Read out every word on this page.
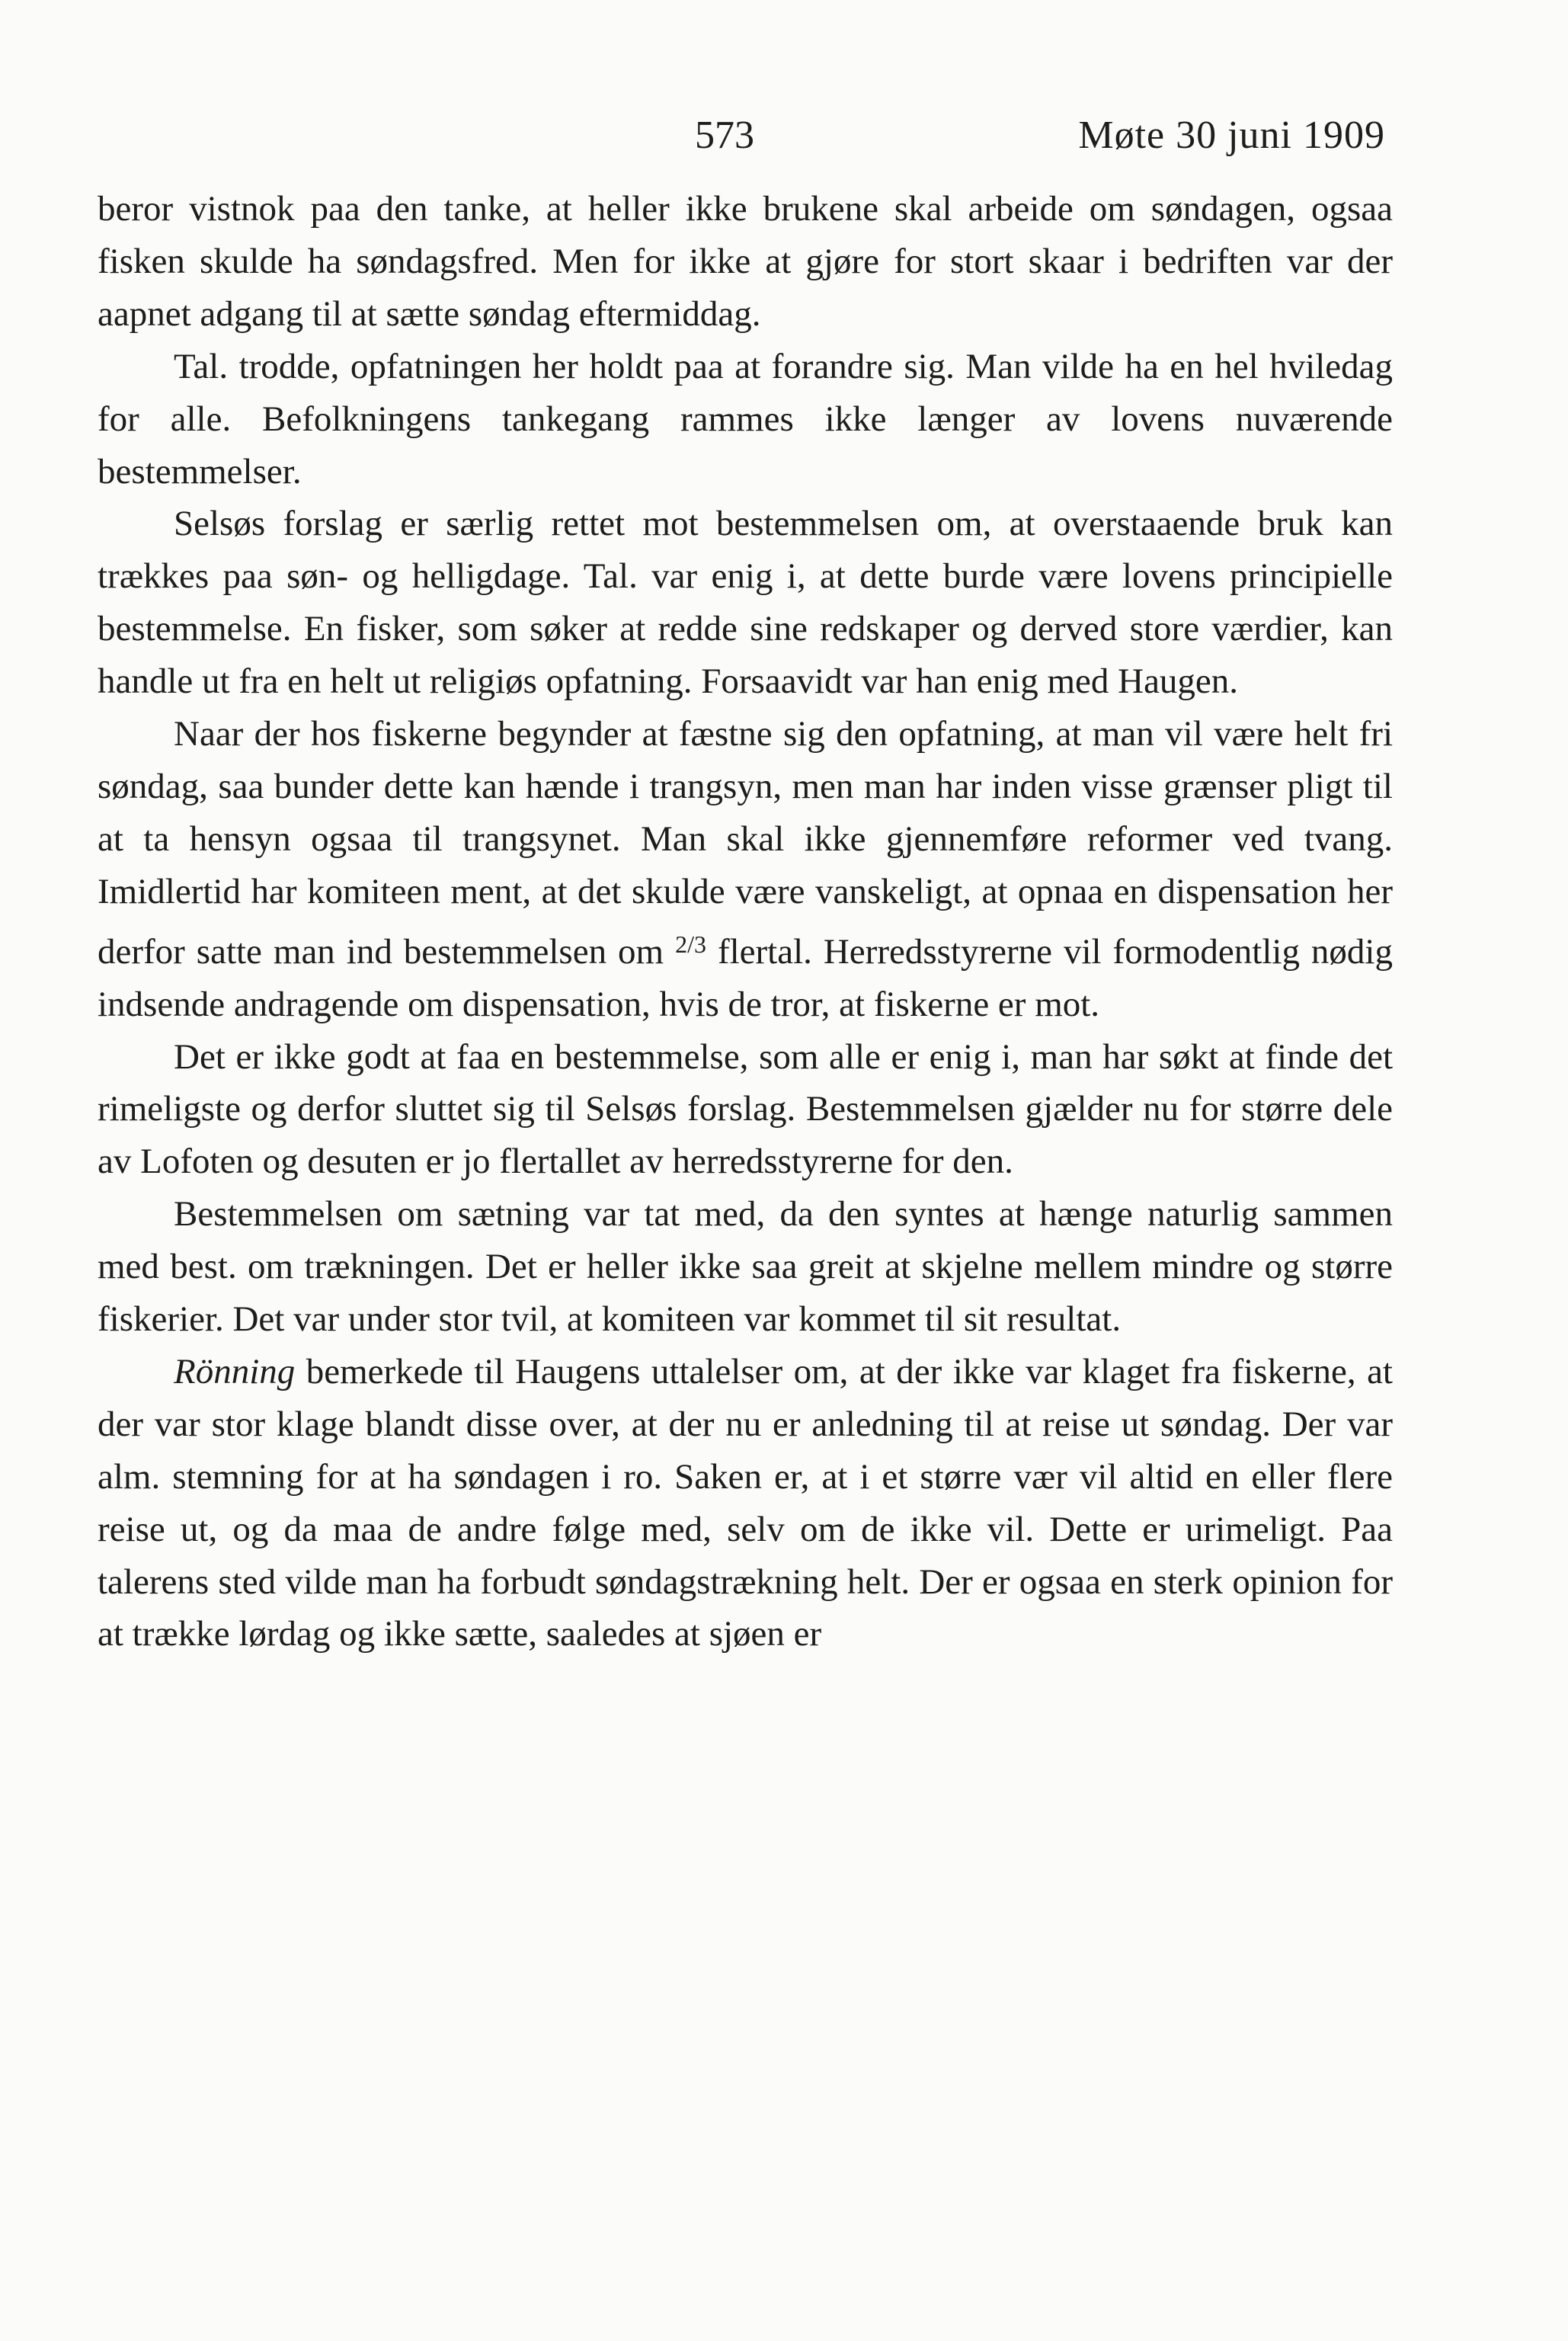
573	Møte 30 juni 1909

beror vistnok paa den tanke, at heller ikke brukene skal arbeide om søndagen, ogsaa fisken skulde ha søndagsfred. Men for ikke at gjøre for stort skaar i bedriften var der aapnet adgang til at sætte søndag eftermiddag.

Tal. trodde, opfatningen her holdt paa at forandre sig. Man vilde ha en hel hviledag for alle. Befolkningens tankegang rammes ikke længer av lovens nuværende bestemmelser.

Selsøs forslag er særlig rettet mot bestemmelsen om, at overstaaende bruk kan trækkes paa søn- og helligdage. Tal. var enig i, at dette burde være lovens principielle bestemmelse. En fisker, som søker at redde sine redskaper og derved store værdier, kan handle ut fra en helt ut religiøs opfatning. Forsaavidt var han enig med Haugen.

Naar der hos fiskerne begynder at fæstne sig den opfatning, at man vil være helt fri søndag, saa bunder dette kan hænde i trangsyn, men man har inden visse grænser pligt til at ta hensyn ogsaa til trangsynet. Man skal ikke gjennemføre reformer ved tvang. Imidlertid har komiteen ment, at det skulde være vanskeligt, at opnaa en dispensation her derfor satte man ind bestemmelsen om $^{2/3}$ flertal. Herredsstyrerne vil formodentlig nødig indsende andragende om dispensation, hvis de tror, at fiskerne er mot.

Det er ikke godt at faa en bestemmelse, som alle er enig i, man har søkt at finde det rimeligste og derfor sluttet sig til Selsøs forslag. Bestemmelsen gjælder nu for større dele av Lofoten og desuten er jo flertallet av herredsstyrerne for den.

Bestemmelsen om sætning var tat med, da den syntes at hænge naturlig sammen med best. om trækningen. Det er heller ikke saa greit at skjelne mellem mindre og større fiskerier. Det var under stor tvil, at komiteen var kommet til sit resultat.

Rönning bemerkede til Haugens uttalelser om, at der ikke var klaget fra fiskerne, at der var stor klage blandt disse over, at der nu er anledning til at reise ut søndag. Der var alm. stemning for at ha søndagen i ro. Saken er, at i et større vær vil altid en eller flere reise ut, og da maa de andre følge med, selv om de ikke vil. Dette er urimeligt. Paa talerens sted vilde man ha forbudt søndagstrækning helt. Der er ogsaa en sterk opinion for at trække lørdag og ikke sætte, saaledes at sjøen er
